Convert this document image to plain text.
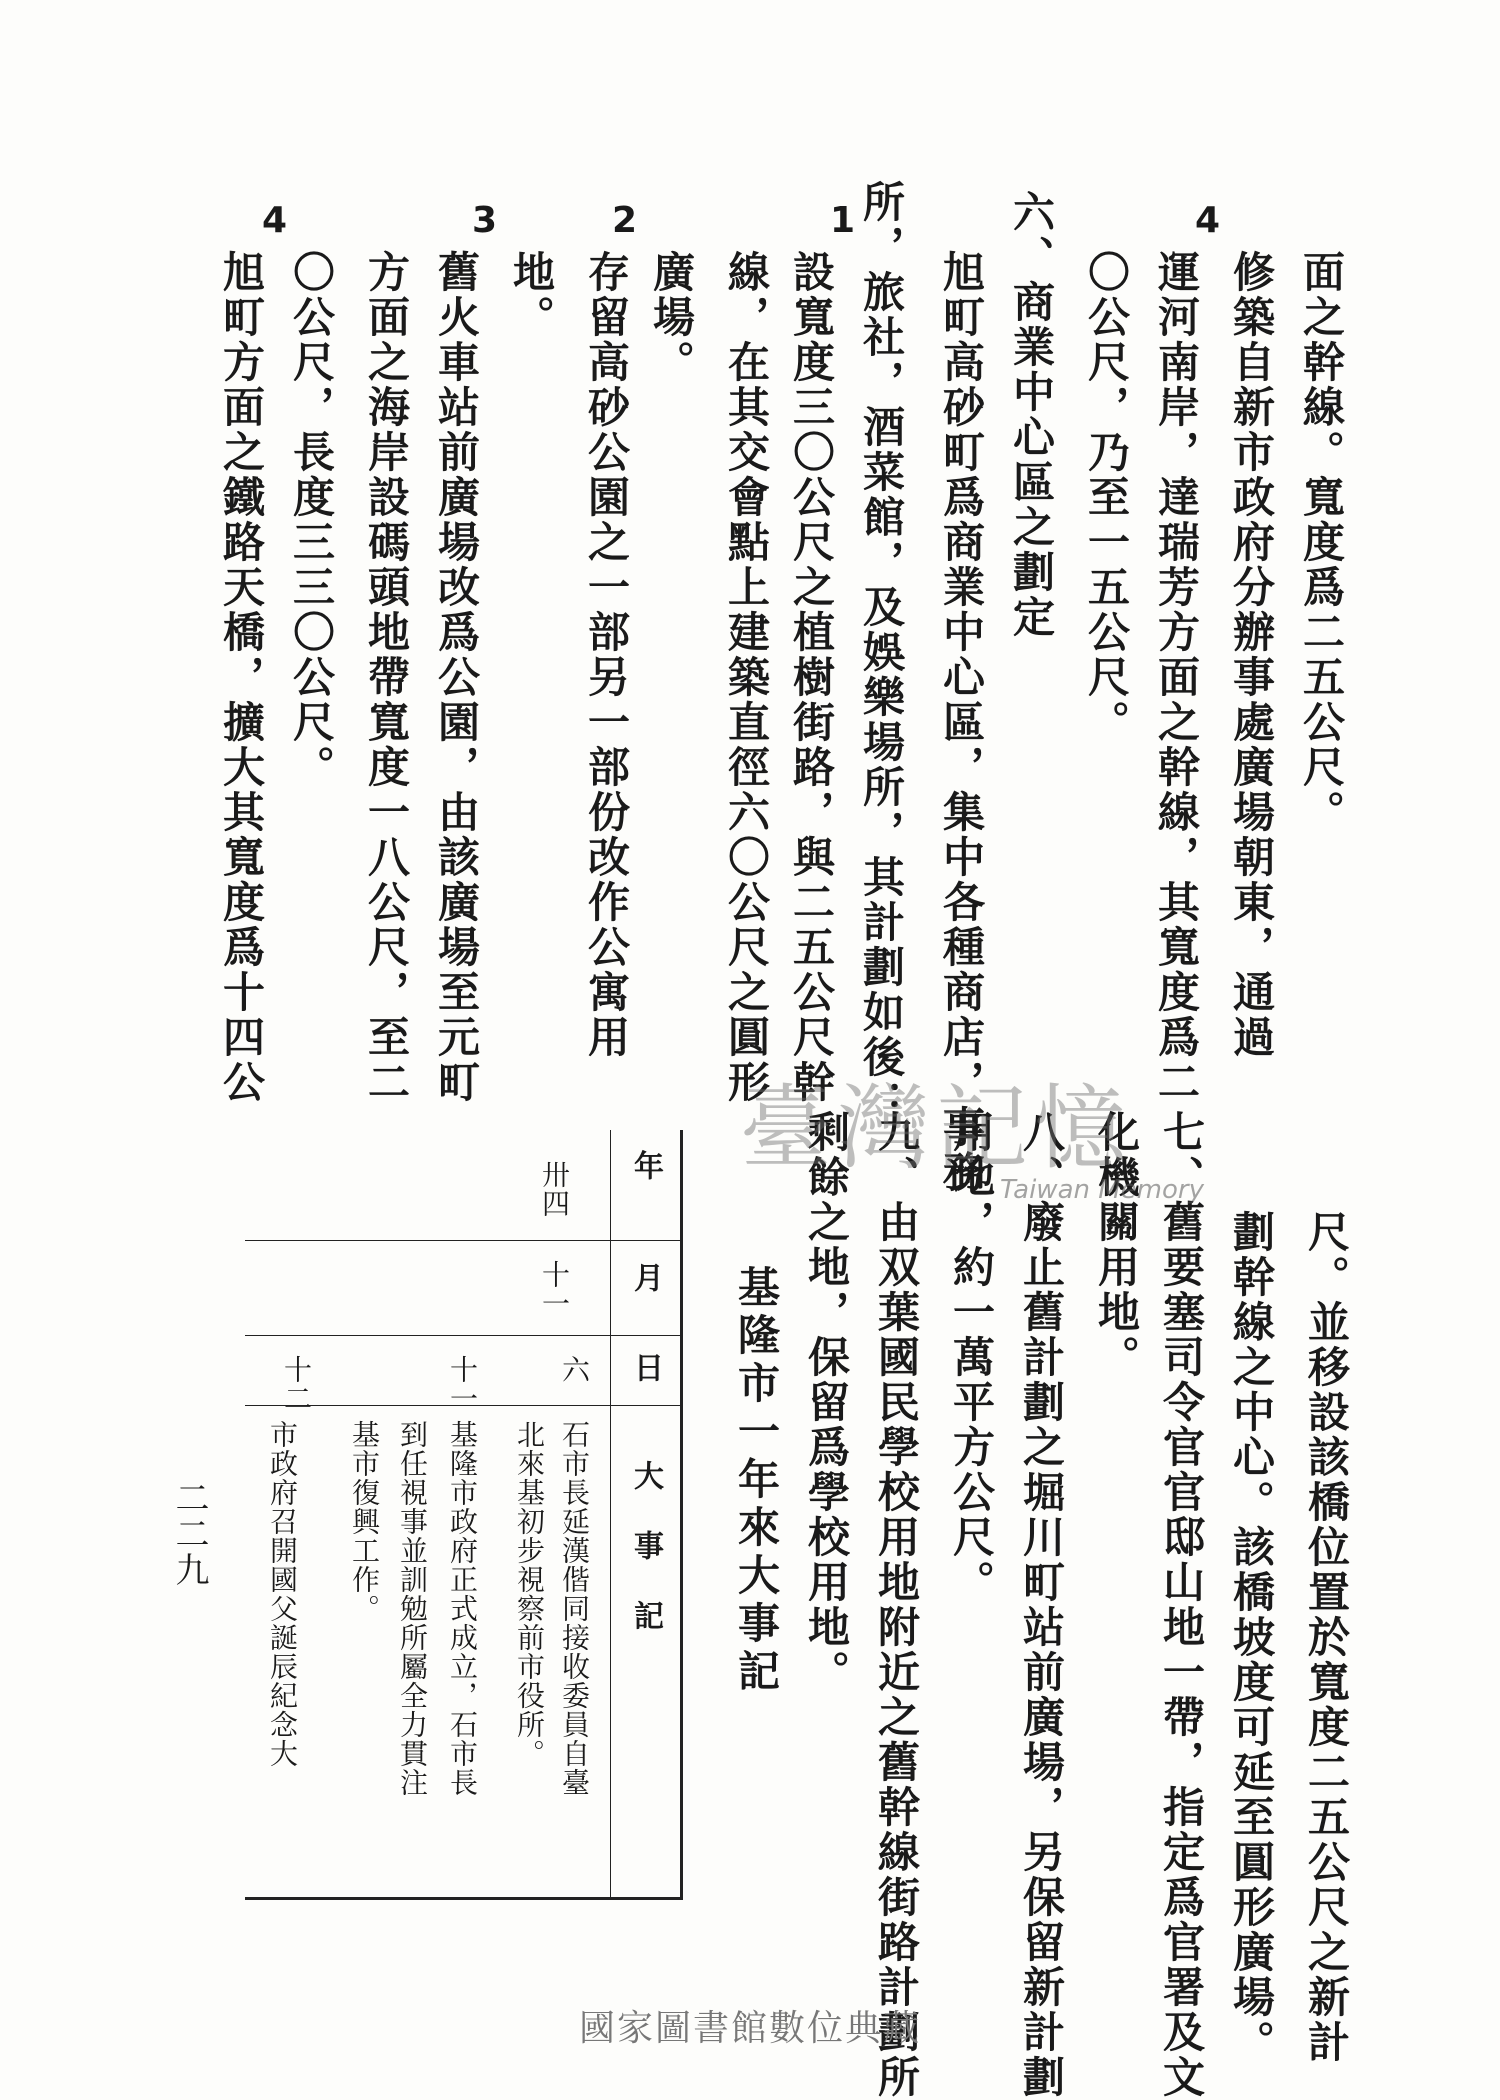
4
1
2
3
4
面之幹線。寬度爲二五公尺。
修築自新市政府分辦事處廣場朝東，通過
運河南岸，達瑞芳方面之幹線，其寬度爲二
〇公尺，乃至一五公尺。
六、商業中心區之劃定
旭町高砂町爲商業中心區，集中各種商店，事務
所，旅社，酒菜館，及娛樂場所，其計劃如後：
設寬度三〇公尺之植樹街路，與二五公尺幹
線，在其交會點上建築直徑六〇公尺之圓形
廣場。
存留高砂公園之一部另一部份改作公寓用
地。
舊火車站前廣場改爲公園，由該廣場至元町
方面之海岸設碼頭地帶寬度一八公尺，至二
〇公尺，長度三三〇公尺。
旭町方面之鐵路天橋，擴大其寬度爲十四公
尺。並移設該橋位置於寬度二五公尺之新計
劃幹線之中心。該橋坡度可延至圓形廣場。
七、舊要塞司令官官邸山地一帶，指定爲官署及文
化機關用地。
八、廢止舊計劃之堀川町站前廣場，另保留新計劃
用地，約一萬平方公尺。
九、由双葉國民學校用地附近之舊幹線街路計劃所
剩餘之地，保留爲學校用地。
基隆市一年來大事記
年
月
日
大事記
卅四
十一
六
石市長延漢偕同接收委員自臺
北來基初步視察前市役所。
十一
基隆市政府正式成立，石市長
到任視事並訓勉所屬全力貫注
基市復興工作。
十二
市政府召開國父誕辰紀念大
二二九
臺灣記憶
Taiwan Memory
國家圖書館數位典藏
